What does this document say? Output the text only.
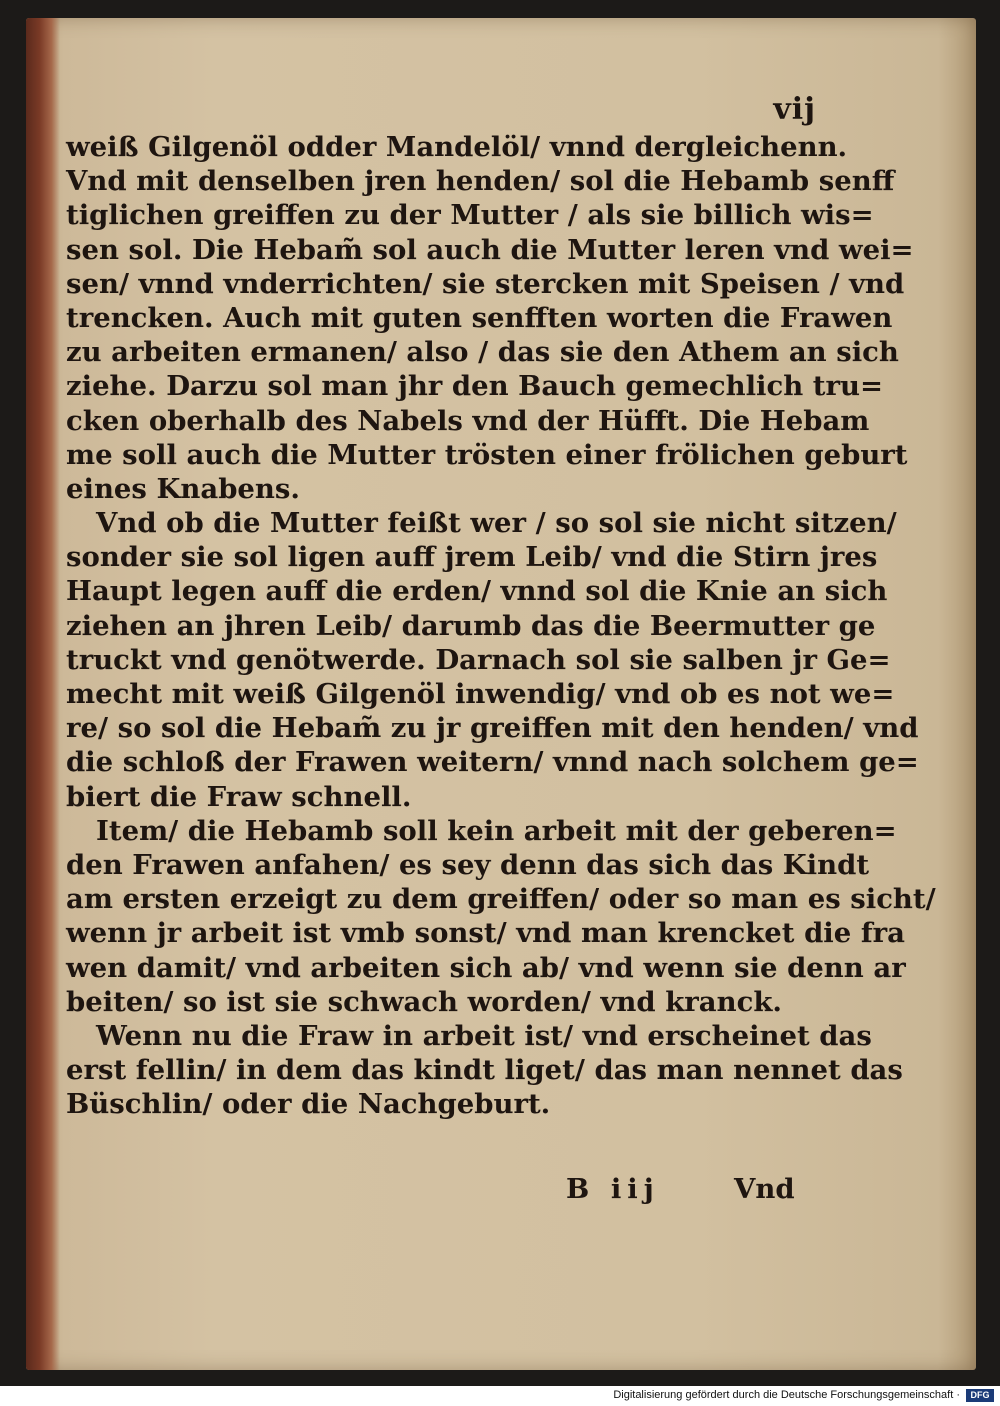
vij
weiß Gilgenöl odder Mandelöl/ vnnd dergleichenn.
Vnd mit denselben jren henden/ sol die Hebamb senff
tiglichen greiffen zu der Mutter / als sie billich wis=
sen sol. Die Hebam̃ sol auch die Mutter leren vnd wei=
sen/ vnnd vnderrichten/ sie stercken mit Speisen / vnd
trencken. Auch mit guten senfften worten die Frawen
zu arbeiten ermanen/ also / das sie den Athem an sich
ziehe. Darzu sol man jhr den Bauch gemechlich tru=
cken oberhalb des Nabels vnd der Hüfft. Die Hebam
me soll auch die Mutter trösten einer frölichen geburt
eines Knabens.
Vnd ob die Mutter feißt wer / so sol sie nicht sitzen/
sonder sie sol ligen auff jrem Leib/ vnd die Stirn jres
Haupt legen auff die erden/ vnnd sol die Knie an sich
ziehen an jhren Leib/ darumb das die Beermutter ge
truckt vnd genötwerde. Darnach sol sie salben jr Ge=
mecht mit weiß Gilgenöl inwendig/ vnd ob es not we=
re/ so sol die Hebam̃ zu jr greiffen mit den henden/ vnd
die schloß der Frawen weitern/ vnnd nach solchem ge=
biert die Fraw schnell.
Item/ die Hebamb soll kein arbeit mit der geberen=
den Frawen anfahen/ es sey denn das sich das Kindt
am ersten erzeigt zu dem greiffen/ oder so man es sicht/
wenn jr arbeit ist vmb sonst/ vnd man krencket die fra
wen damit/ vnd arbeiten sich ab/ vnd wenn sie denn ar
beiten/ so ist sie schwach worden/ vnd kranck.
Wenn nu die Fraw in arbeit ist/ vnd erscheinet das
erst fellin/ in dem das kindt liget/ das man nennet das
Büschlin/ oder die Nachgeburt.
B iij	Vnd
Digitalisierung gefördert durch die Deutsche Forschungsgemeinschaft ·	DFG
